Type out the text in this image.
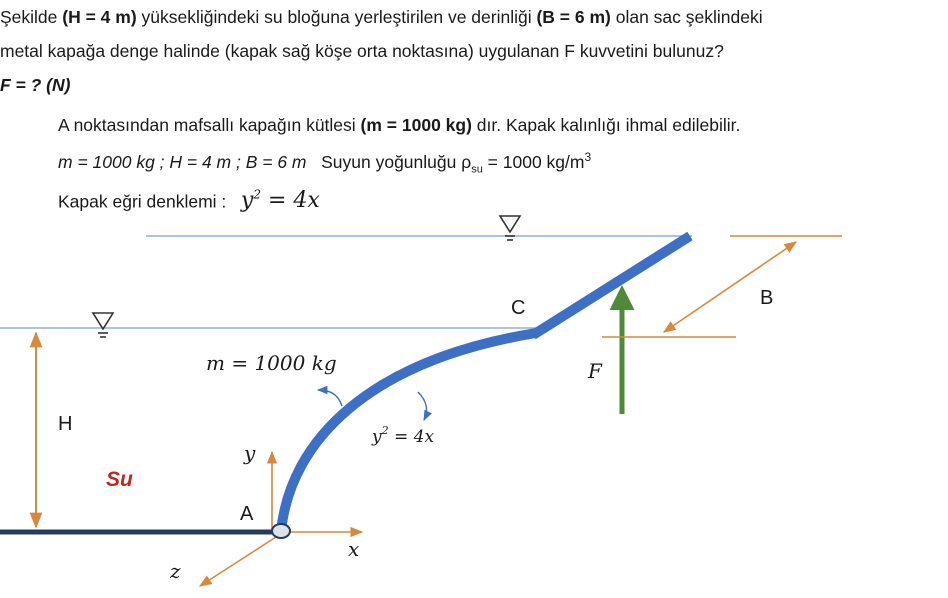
Şekilde (H = 4 m) yüksekliğindeki su bloğuna yerleştirilen ve derinliği (B = 6 m) olan sac şeklindeki
metal kapağa denge halinde (kapak sağ köşe orta noktasına) uygulanan F kuvvetini bulunuz?
F = ? (N)
A noktasından mafsallı kapağın kütlesi (m = 1000 kg) dır. Kapak kalınlığı ihmal edilebilir.
m = 1000 kg ; H = 4 m ; B = 6 m Suyun yoğunluğu $\rho_{su} = 1000$ $kg/m^3$
Kapak eğri denklemi : $y^2 = 4x$
H
Su
y
x
z
A
C
m = 1000 kg
$y^2 = 4x$
F
B
